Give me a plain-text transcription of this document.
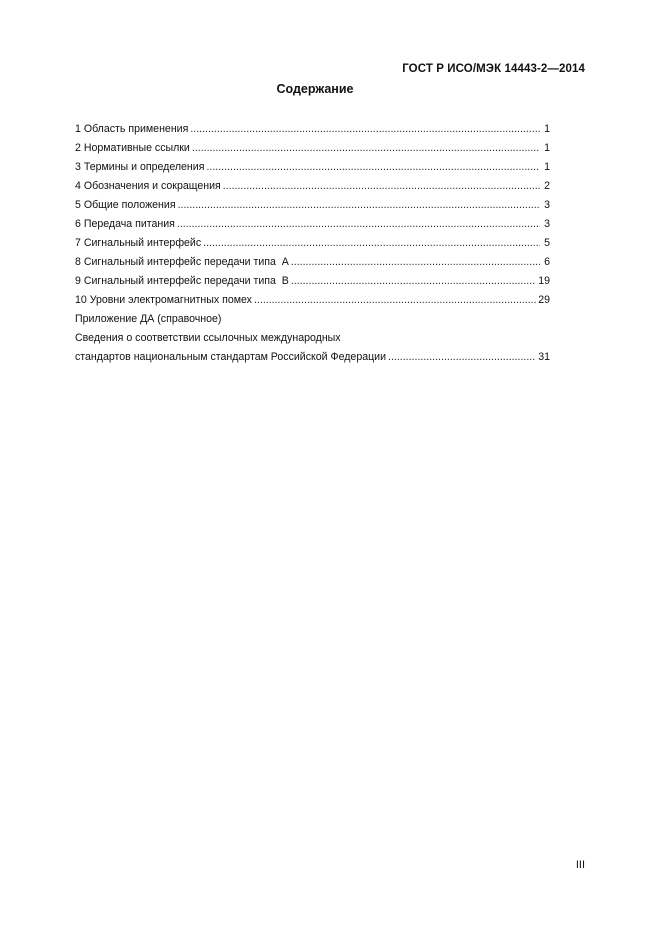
ГОСТ Р ИСО/МЭК 14443-2—2014
Содержание
1 Область применения .....	1
2 Нормативные ссылки .....	1
3 Термины и определения .....	1
4 Обозначения и сокращения .....	2
5 Общие положения .....	3
6 Передача питания .....	3
7 Сигнальный интерфейс .....	5
8 Сигнальный интерфейс передачи типа  А .....	6
9 Сигнальный интерфейс передачи типа  В .....	19
10 Уровни электромагнитных помех .....	29
Приложение ДА (справочное)
Сведения о соответствии ссылочных международных
стандартов национальным стандартам Российской Федерации .....	31
III
